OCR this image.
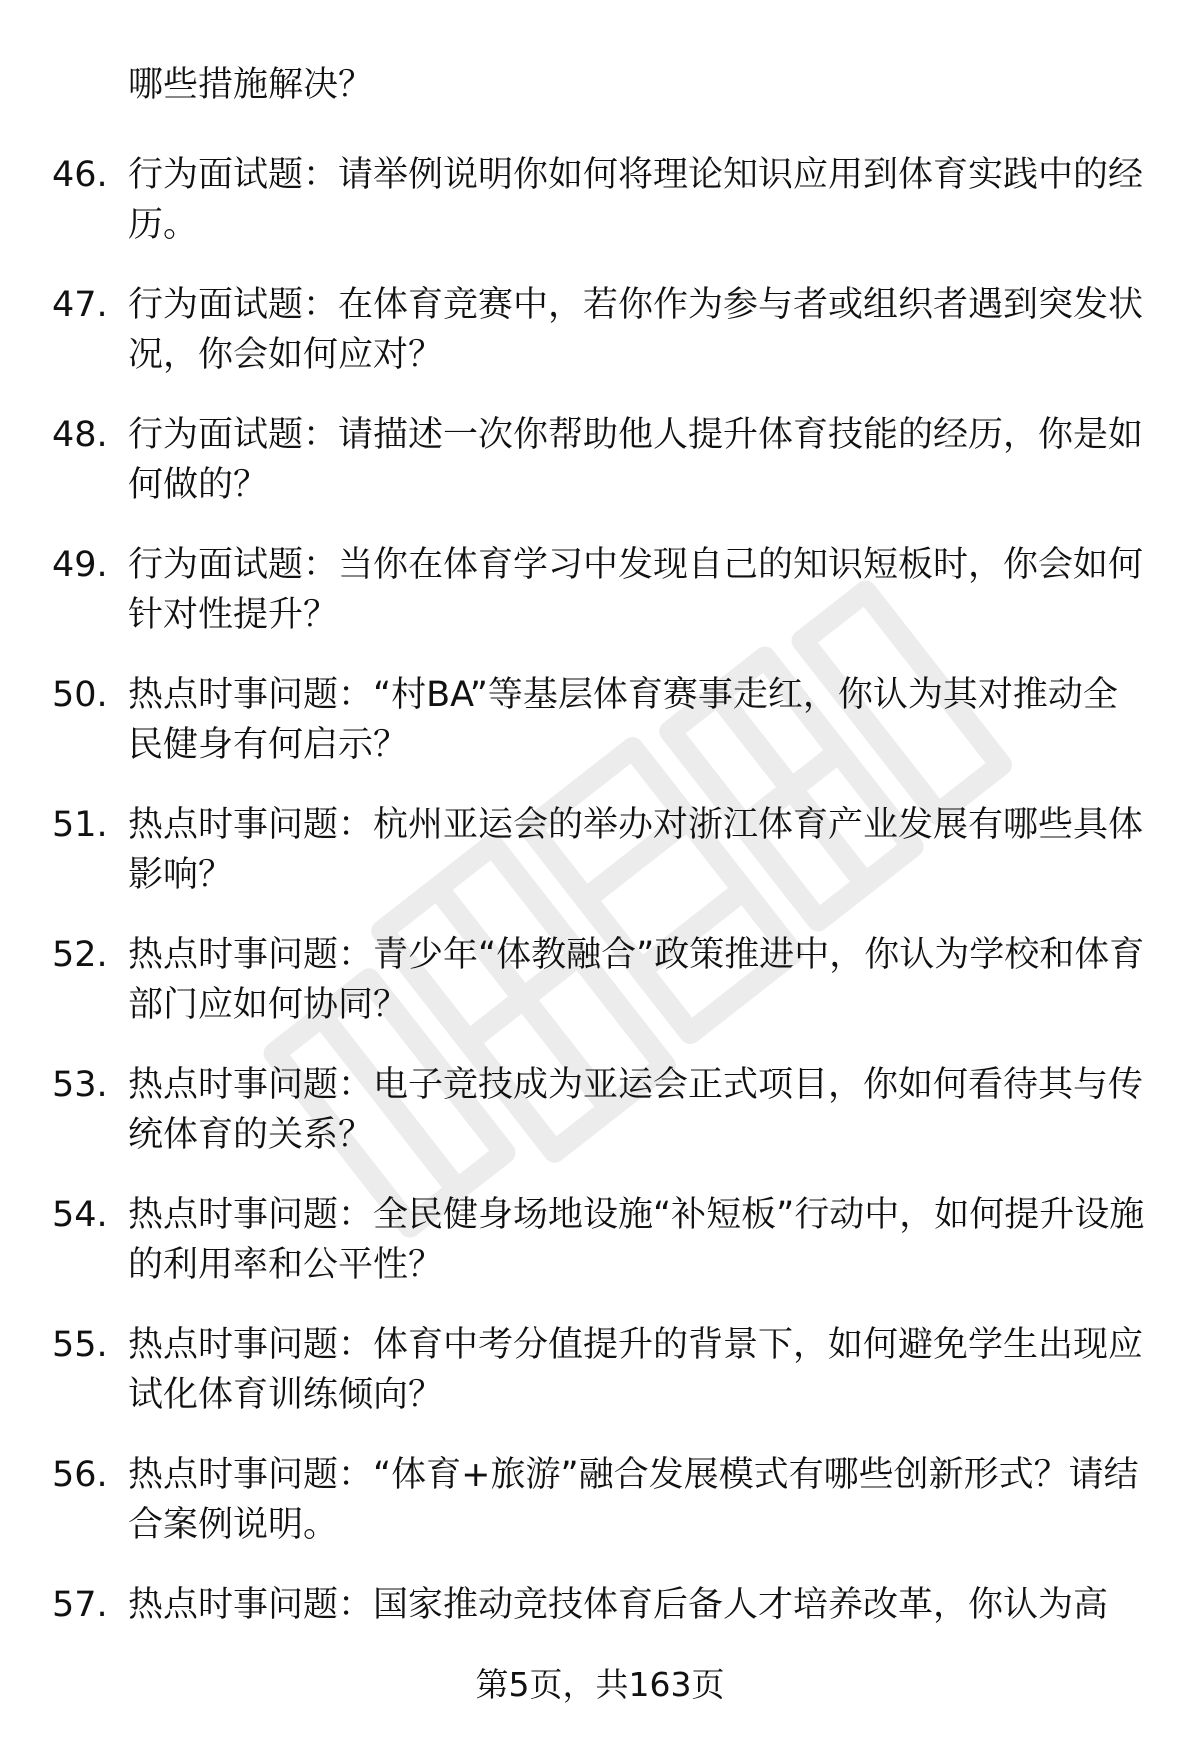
哪些措施解决？

46. 行为面试题：请举例说明你如何将理论知识应用到体育实践中的经历。
47. 行为面试题：在体育竞赛中，若你作为参与者或组织者遇到突发状况，你会如何应对？
48. 行为面试题：请描述一次你帮助他人提升体育技能的经历，你是如何做的？
49. 行为面试题：当你在体育学习中发现自己的知识短板时，你会如何针对性提升？
50. 热点时事问题：“村BA”等基层体育赛事走红，你认为其对推动全民健身有何启示？
51. 热点时事问题：杭州亚运会的举办对浙江体育产业发展有哪些具体影响？
52. 热点时事问题：青少年“体教融合”政策推进中，你认为学校和体育部门应如何协同？
53. 热点时事问题：电子竞技成为亚运会正式项目，你如何看待其与传统体育的关系？
54. 热点时事问题：全民健身场地设施“补短板”行动中，如何提升设施的利用率和公平性？
55. 热点时事问题：体育中考分值提升的背景下，如何避免学生出现应试化体育训练倾向？
56. 热点时事问题：“体育+旅游”融合发展模式有哪些创新形式？请结合案例说明。
57. 热点时事问题：国家推动竞技体育后备人才培养改革，你认为高
第5页，共163页
